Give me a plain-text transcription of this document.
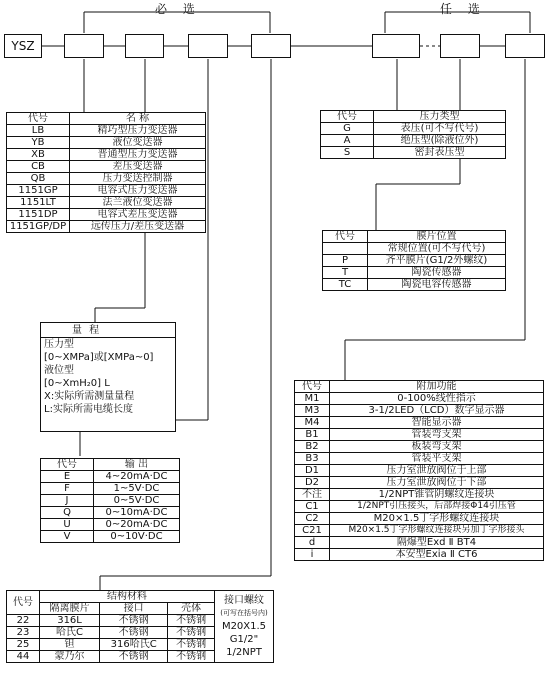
必 选	任 选
YSZ
代号	名 称
LB	精巧型压力变送器
YB	液位变送器
XB	普通型压力变送器
CB	差压变送器
QB	压力变送控制器
1151GP	电容式压力变送器
1151LT	法兰液位变送器
1151DP	电容式差压变送器
1151GP/DP	远传压力/差压变送器
量 程
压力型
[0~XMPa]或[XMPa~0]
液位型
[0~XmH₂0] L
X:实际所需测量量程
L:实际所需电缆长度
代号	输 出
E	4~20mA·DC
F	1~5V·DC
J	0~5V·DC
Q	0~10mA·DC
U	0~20mA·DC
V	0~10V·DC
代号	结构材料			接口螺纹
(可写在括号内)
M20X1.5
G1/2"
1/2NPT

	隔离膜片	接口	壳体	
22	316L	不锈钢	不锈钢	
23	哈氏C	不锈钢	不锈钢	
25	钽	316哈氏C	不锈钢	
44	蒙乃尔	不锈钢	不锈钢	
代号	压力类型
G	表压(可不写代号)
A	绝压型(除液位外)
S	密封表压型
代号	膜片位置
	常规位置(可不写代号)
P	齐平膜片(G1/2外螺纹)
T	陶瓷传感器
TC	陶瓷电容传感器
代号	附加功能
M1	0-100%线性指示
M3	3-1/2LED（LCD）数字显示器
M4	智能显示器
B1	管装弯支架
B2	板装弯支架
B3	管装平支架
D1	压力室泄放阀位于上部
D2	压力室泄放阀位于下部
不注	1/2NPT锥管阴螺纹连接块
C1	1/2NPT引压接头，后部焊接Φ14引压管
C2	M20×1.5丁字形螺纹连接块
C21	M20×1.5丁字形螺纹连接块另加丁字形接头
d	隔爆型Exd Ⅱ BT4
i	本安型Exia Ⅱ CT6
